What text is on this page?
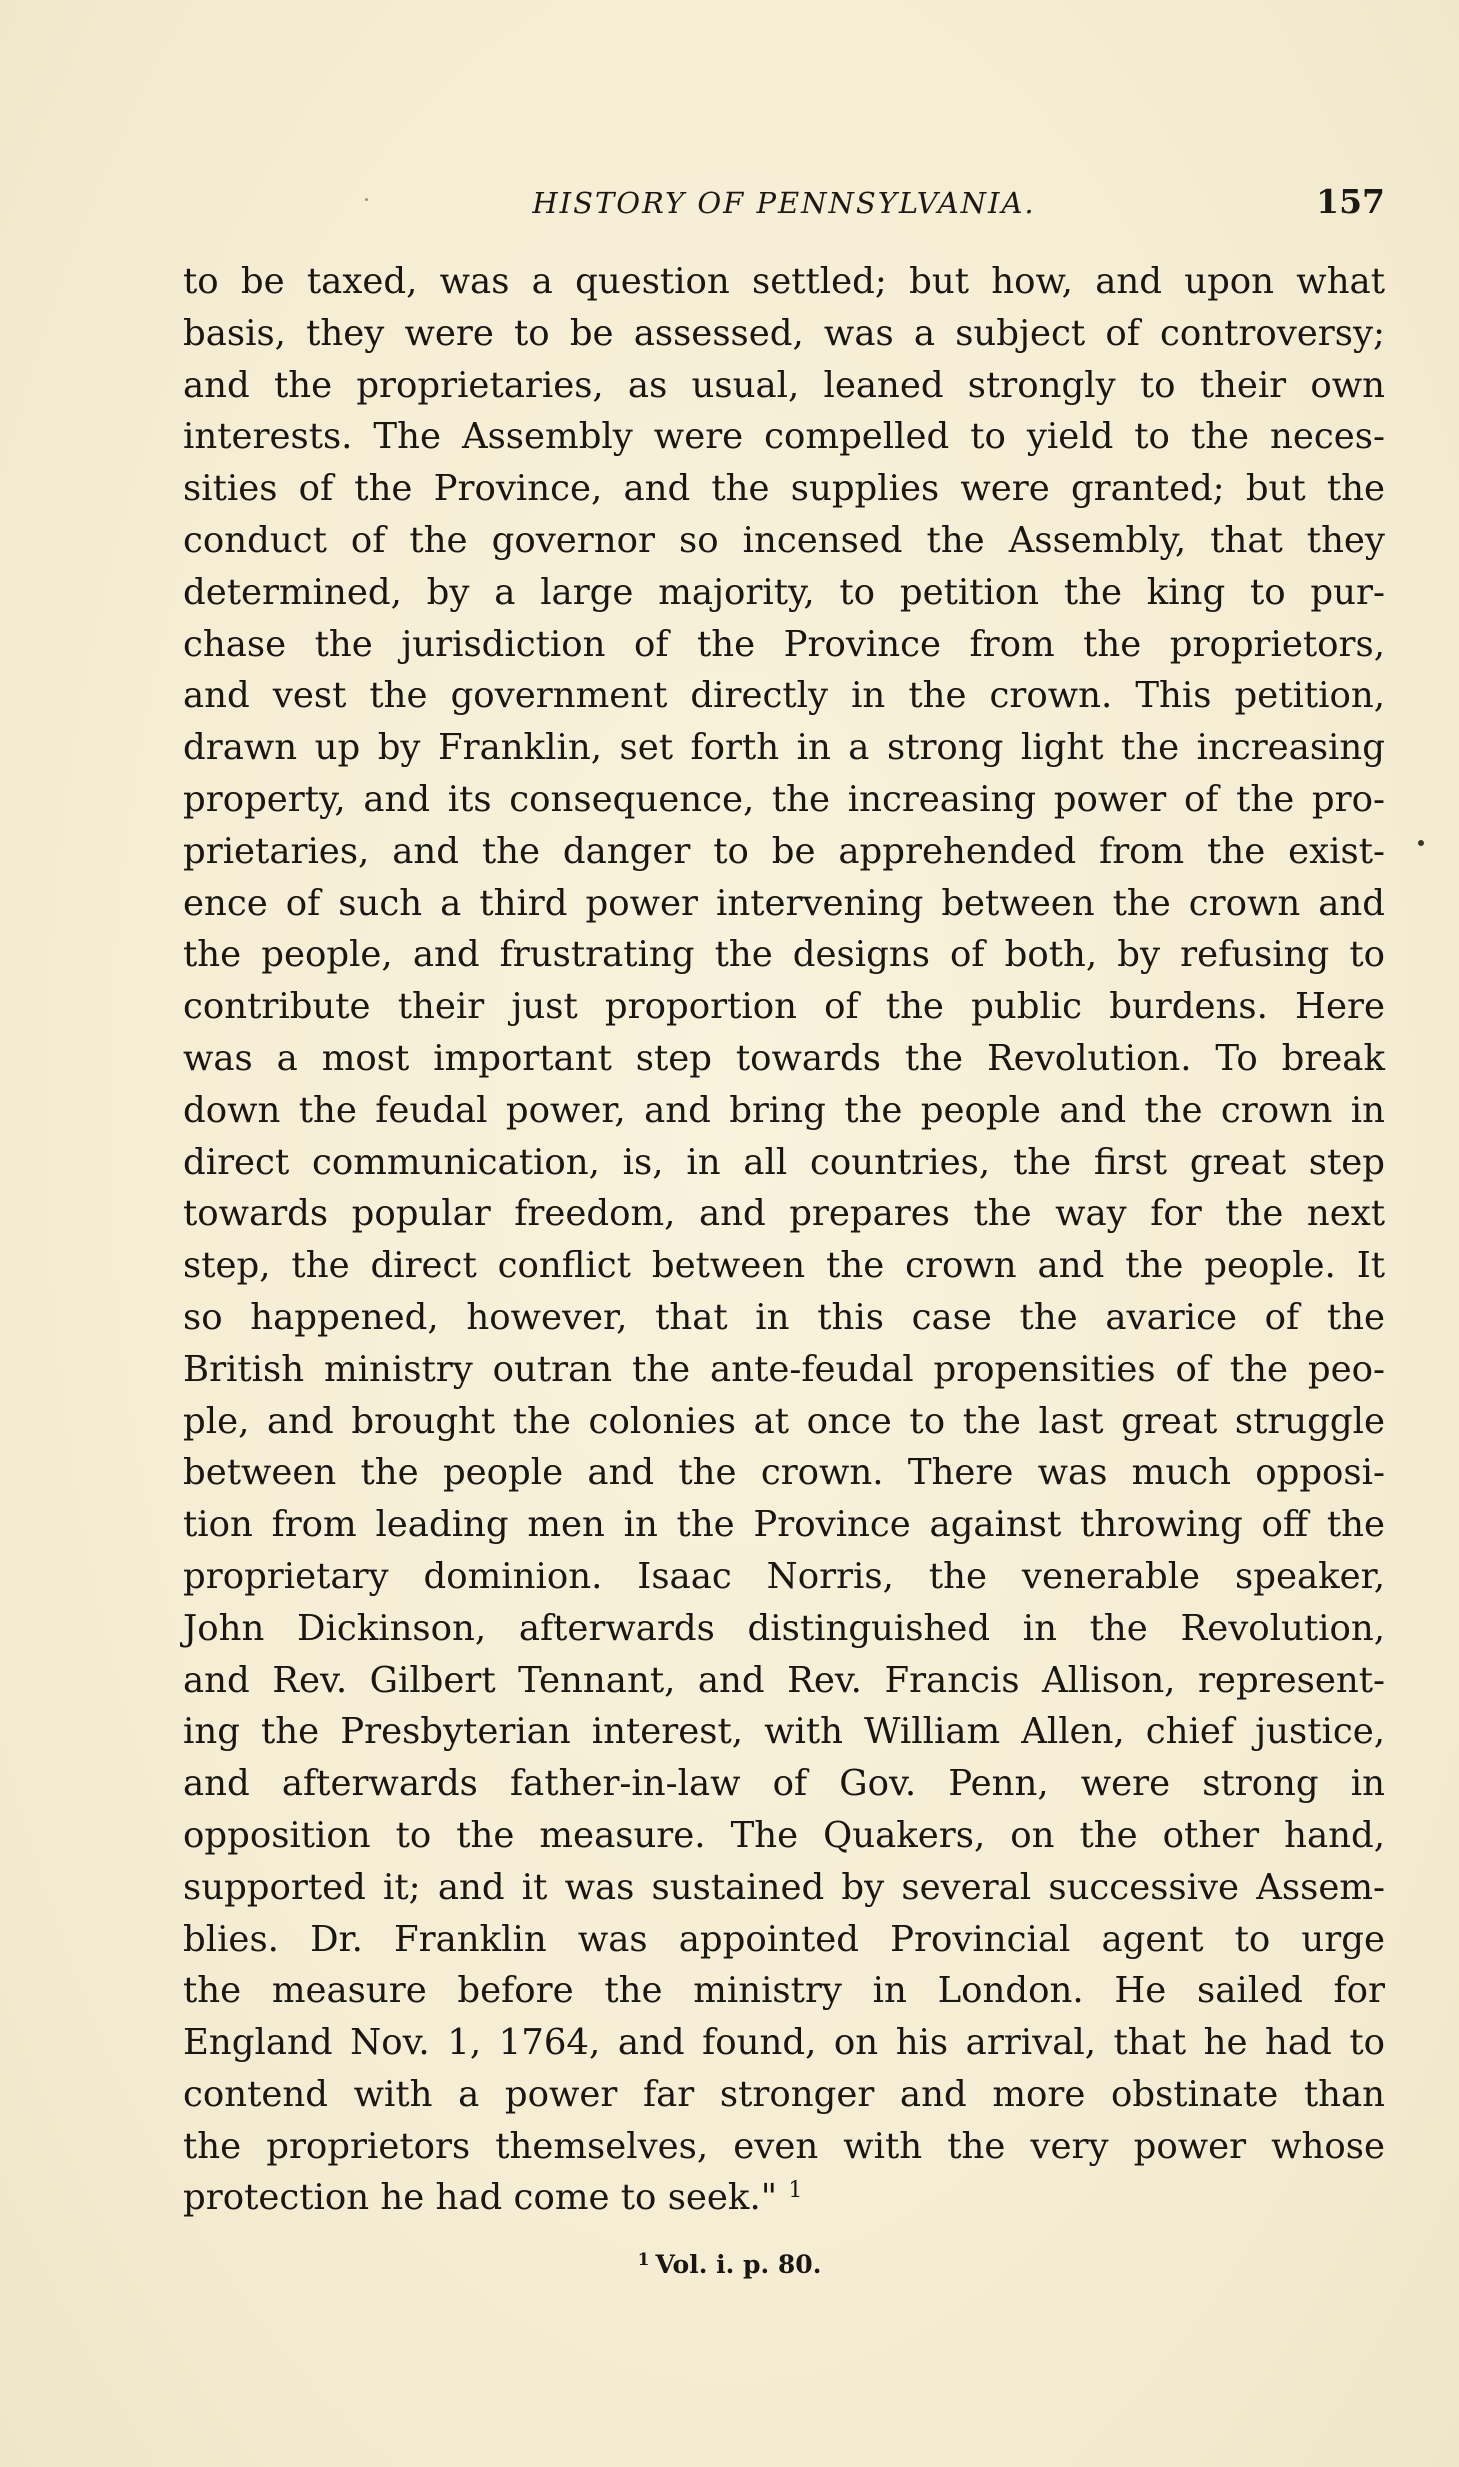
HISTORY OF PENNSYLVANIA.	157
to be taxed, was a question settled; but how, and upon what
basis, they were to be assessed, was a subject of controversy;
and the proprietaries, as usual, leaned strongly to their own
interests. The Assembly were compelled to yield to the neces-
sities of the Province, and the supplies were granted; but the
conduct of the governor so incensed the Assembly, that they
determined, by a large majority, to petition the king to pur-
chase the jurisdiction of the Province from the proprietors,
and vest the government directly in the crown. This petition,
drawn up by Franklin, set forth in a strong light the increasing
property, and its consequence, the increasing power of the pro-
prietaries, and the danger to be apprehended from the exist-
ence of such a third power intervening between the crown and
the people, and frustrating the designs of both, by refusing to
contribute their just proportion of the public burdens. Here
was a most important step towards the Revolution. To break
down the feudal power, and bring the people and the crown in
direct communication, is, in all countries, the first great step
towards popular freedom, and prepares the way for the next
step, the direct conflict between the crown and the people. It
so happened, however, that in this case the avarice of the
British ministry outran the ante-feudal propensities of the peo-
ple, and brought the colonies at once to the last great struggle
between the people and the crown. There was much opposi-
tion from leading men in the Province against throwing off the
proprietary dominion. Isaac Norris, the venerable speaker,
John Dickinson, afterwards distinguished in the Revolution,
and Rev. Gilbert Tennant, and Rev. Francis Allison, represent-
ing the Presbyterian interest, with William Allen, chief justice,
and afterwards father-in-law of Gov. Penn, were strong in
opposition to the measure. The Quakers, on the other hand,
supported it; and it was sustained by several successive Assem-
blies. Dr. Franklin was appointed Provincial agent to urge
the measure before the ministry in London. He sailed for
England Nov. 1, 1764, and found, on his arrival, that he had to
contend with a power far stronger and more obstinate than
the proprietors themselves, even with the very power whose
protection he had come to seek." $^1$
$^1$ Vol. i. p. 80.
